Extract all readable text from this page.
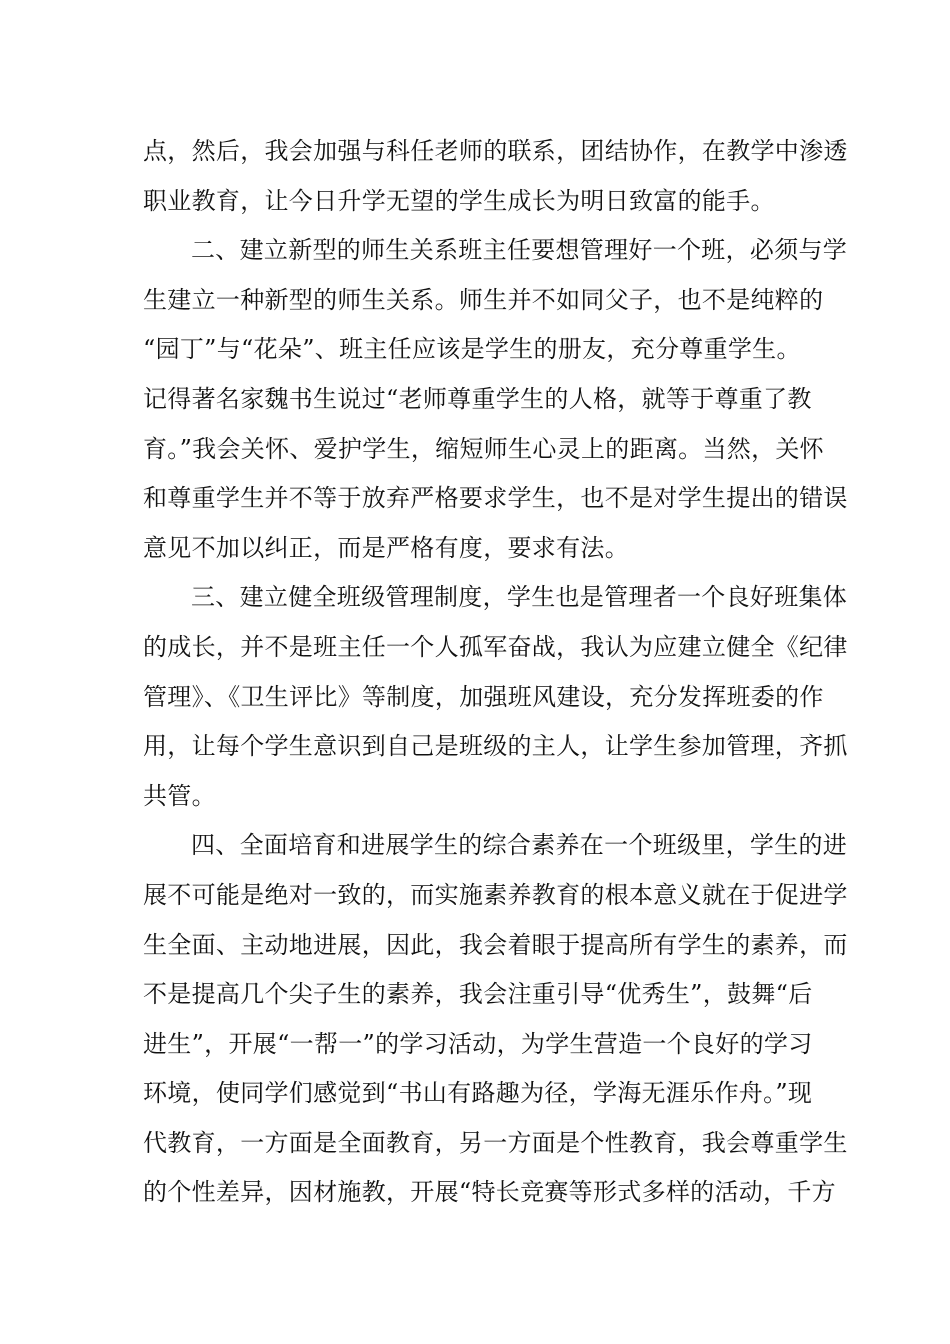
点，然后，我会加强与科任老师的联系，团结协作，在教学中渗透
职业教育，让今日升学无望的学生成长为明日致富的能手。
二、建立新型的师生关系班主任要想管理好一个班，必须与学
生建立一种新型的师生关系。师生并不如同父子，也不是纯粹的
“园丁”与“花朵”、班主任应该是学生的册友，充分尊重学生。
记得著名家魏书生说过“老师尊重学生的人格，就等于尊重了教
育。”我会关怀、爱护学生，缩短师生心灵上的距离。当然，关怀
和尊重学生并不等于放弃严格要求学生，也不是对学生提出的错误
意见不加以纠正，而是严格有度，要求有法。
三、建立健全班级管理制度，学生也是管理者一个良好班集体
的成长，并不是班主任一个人孤军奋战，我认为应建立健全《纪律
管理》、《卫生评比》等制度，加强班风建设，充分发挥班委的作
用，让每个学生意识到自己是班级的主人，让学生参加管理，齐抓
共管。
四、全面培育和进展学生的综合素养在一个班级里，学生的进
展不可能是绝对一致的，而实施素养教育的根本意义就在于促进学
生全面、主动地进展，因此，我会着眼于提高所有学生的素养，而
不是提高几个尖子生的素养，我会注重引导“优秀生”，鼓舞“后
进生”，开展“一帮一”的学习活动，为学生营造一个良好的学习
环境，使同学们感觉到“书山有路趣为径，学海无涯乐作舟。”现
代教育，一方面是全面教育，另一方面是个性教育，我会尊重学生
的个性差异，因材施教，开展“特长竞赛等形式多样的活动，千方
